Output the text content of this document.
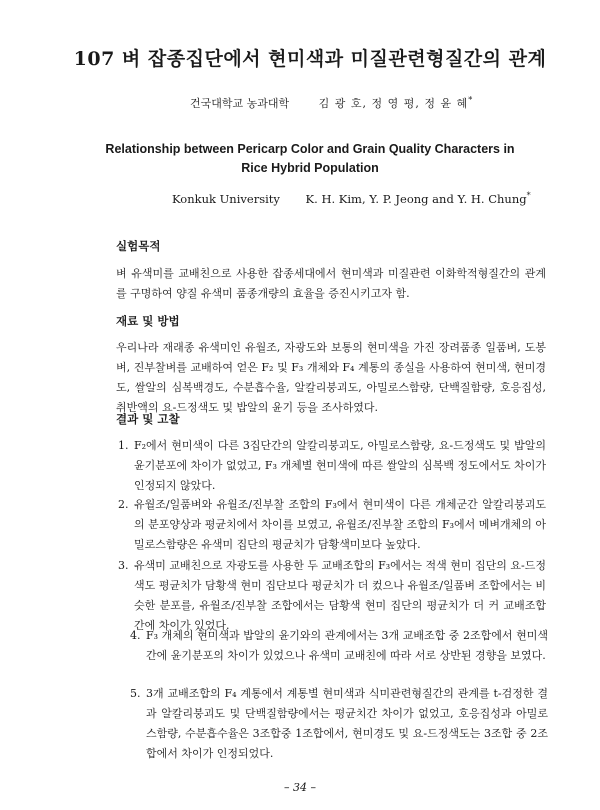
107 벼 잡종집단에서 현미색과 미질관련형질간의 관계
건국대학교 농과대학	김 광 호, 정 영 평, 정 윤 혜*
Relationship between Pericarp Color and Grain Quality Characters in Rice Hybrid Population
Konkuk University K. H. Kim, Y. P. Jeong and Y. H. Chung*
실험목적

벼 유색미를 교배친으로 사용한 잡종세대에서 현미색과 미질관련 이화학적형질간의 관계를 구명하여 양질 유색미 품종개량의 효율을 증진시키고자 함.

재료 및 방법

우리나라 재래종 유색미인 유월조, 자광도와 보통의 현미색을 가진 장려품종 일품벼, 도봉벼, 진부찰벼를 교배하여 얻은 F₂ 및 F₃ 개체와 F₄ 계통의 종실을 사용하여 현미색, 현미경도, 쌀알의 심복백경도, 수분흡수율, 알칼리붕괴도, 아밀로스함량, 단백질함량, 호응집성, 취반액의 요-드정색도 및 밥알의 윤기 등을 조사하였다.

결과 및 고찰
1. F₂에서 현미색이 다른 3집단간의 알칼리붕괴도, 아밀로스함량, 요-드정색도 및 밥알의 윤기분포에 차이가 없었고, F₃ 개체별 현미색에 따른 쌀알의 심복백 정도에서도 차이가 인정되지 않았다.
2. 유월조/일품벼와 유월조/진부찰 조합의 F₃에서 현미색이 다른 개체군간 알칼리붕괴도의 분포양상과 평균치에서 차이를 보였고, 유월조/진부찰 조합의 F₃에서 메벼개체의 아밀로스함량은 유색미 집단의 평균치가 담황색미보다 높았다.
3. 유색미 교배친으로 자광도를 사용한 두 교배조합의 F₃에서는 적색 현미 집단의 요-드정색도 평균치가 담황색 현미 집단보다 평균치가 더 컸으나 유월조/일품벼 조합에서는 비슷한 분포를, 유월조/진부찰 조합에서는 담황색 현미 집단의 평균치가 더 커 교배조합간에 차이가 있었다.
4. F₃ 개체의 현미색과 밥알의 윤기와의 관계에서는 3개 교배조합 중 2조합에서 현미색간에 윤기분포의 차이가 있었으나 유색미 교배친에 따라 서로 상반된 경향을 보였다.
5. 3개 교배조합의 F₄ 계통에서 계통별 현미색과 식미관련형질간의 관계를 t-검정한 결과 알칼리붕괴도 및 단백질함량에서는 평균치간 차이가 없었고, 호응집성과 아밀로스함량, 수분흡수율은 3조합중 1조합에서, 현미경도 및 요-드정색도는 3조합 중 2조합에서 차이가 인정되었다.
– 34 –
